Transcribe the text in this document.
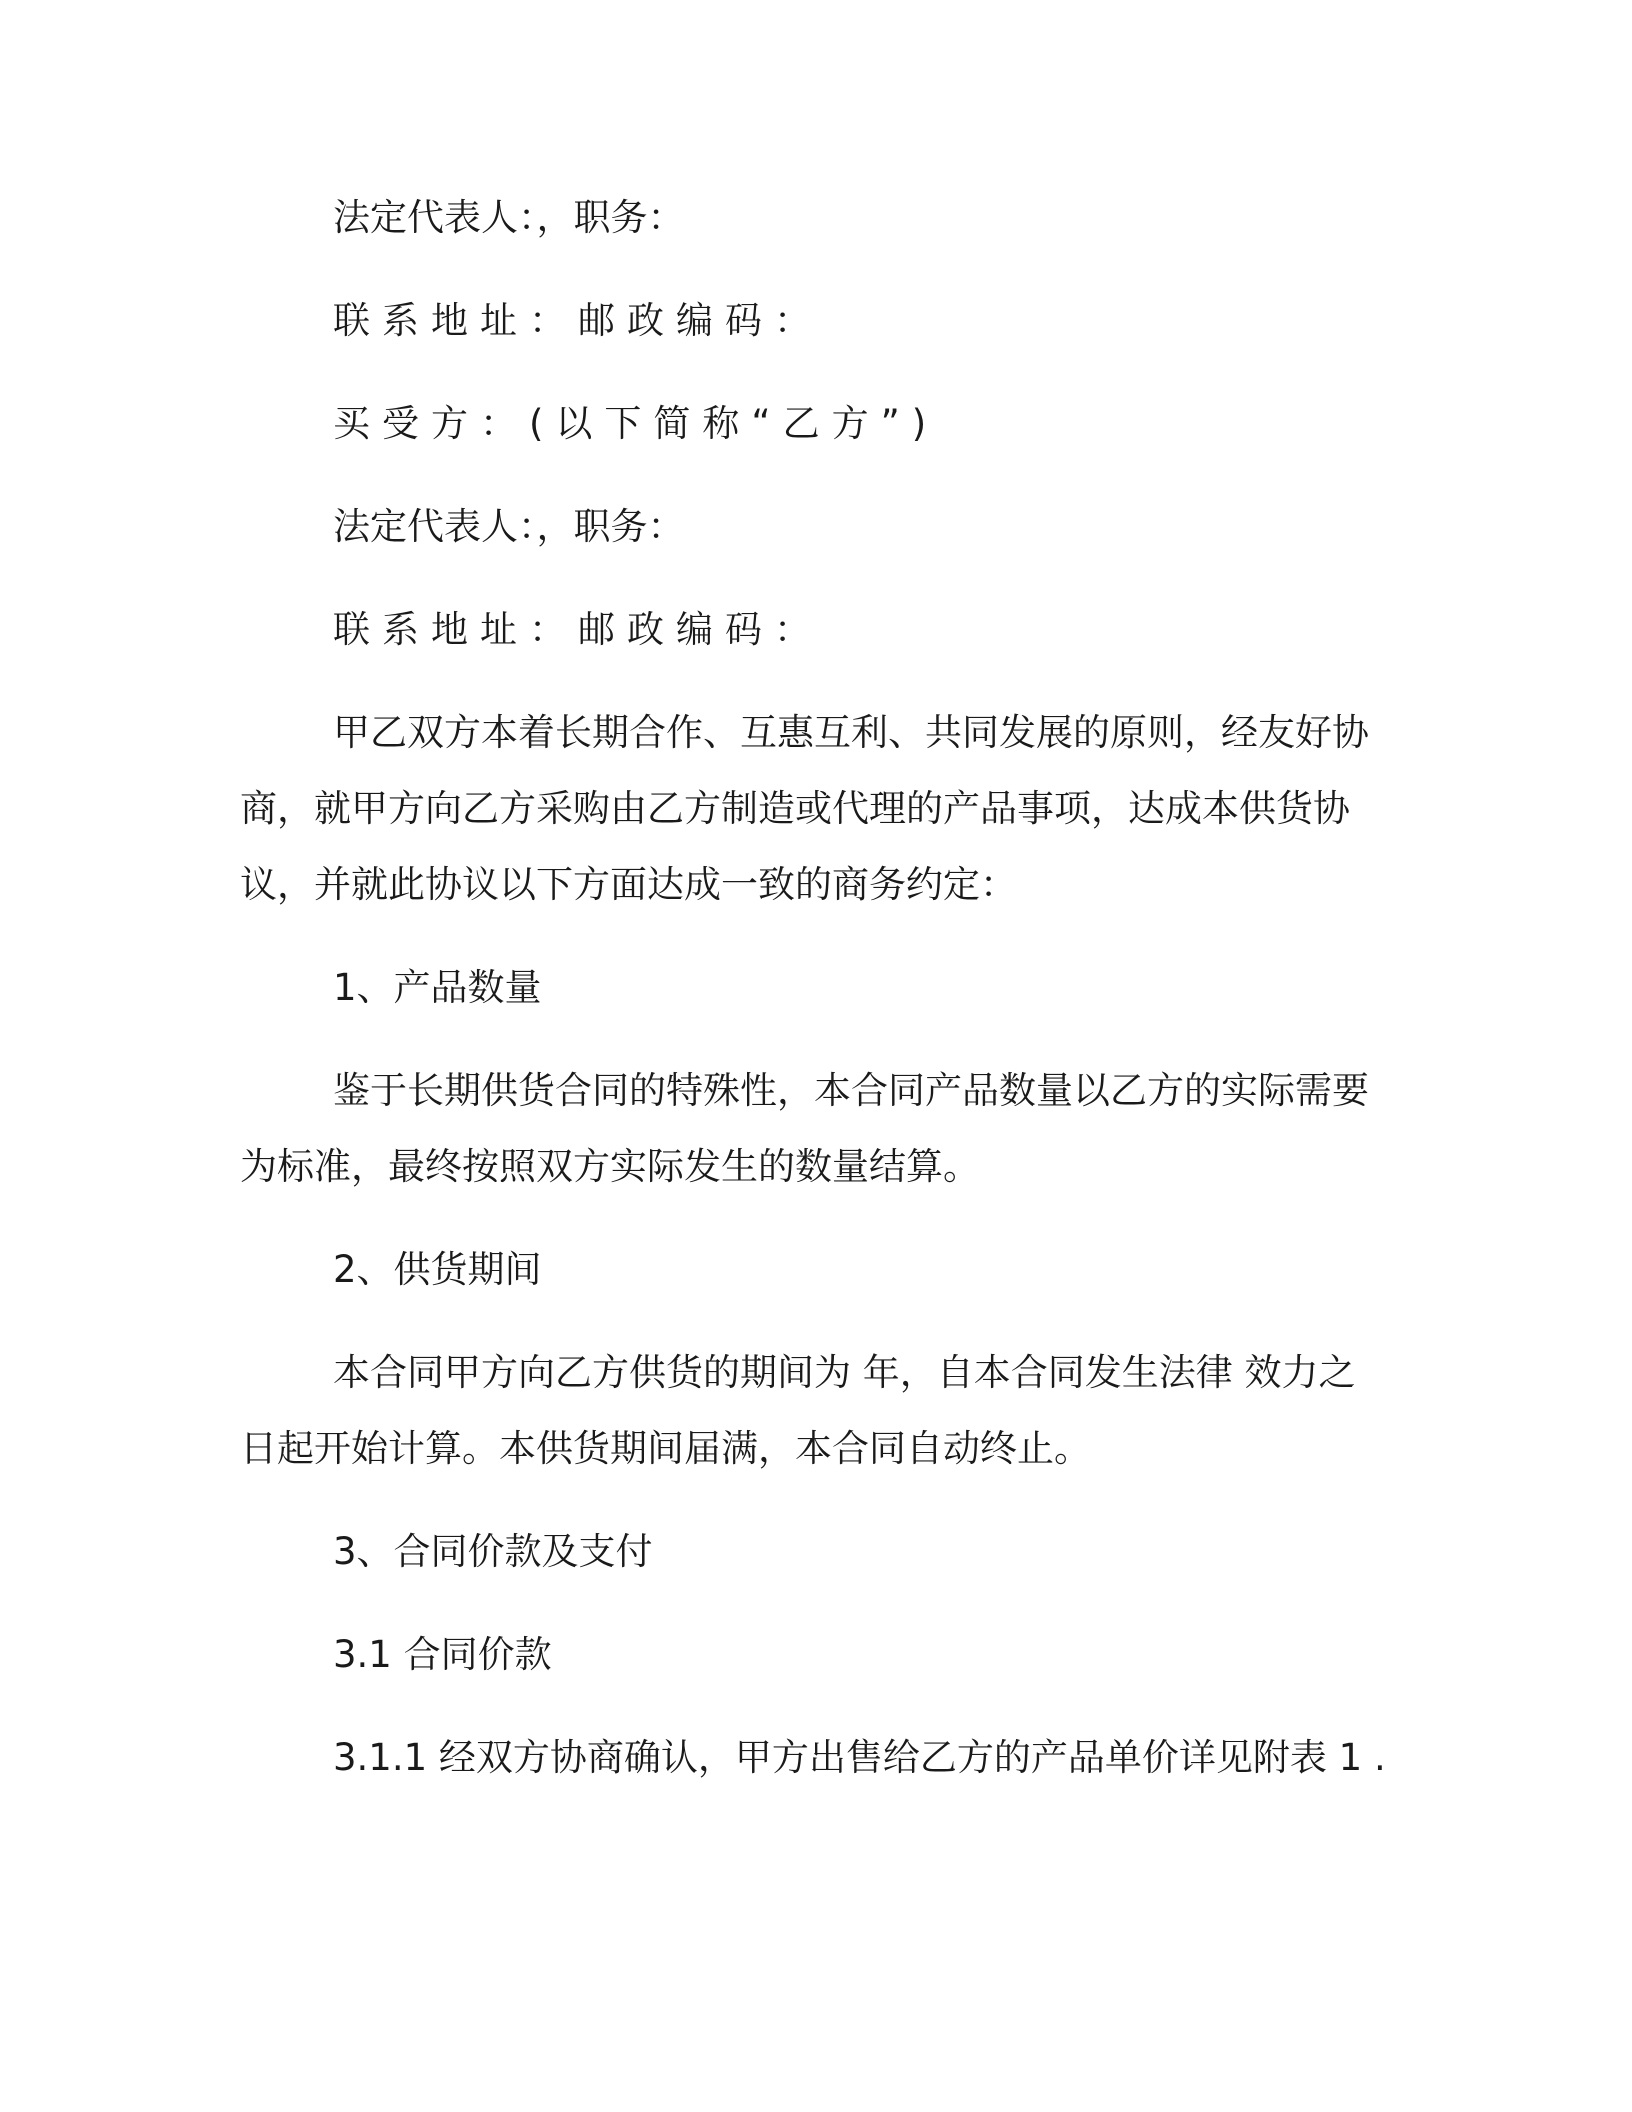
法定代表人：，职务：
联系地址：邮政编码：
买受方：(以下简称“乙方”)
法定代表人：，职务：
联系地址：邮政编码：
甲乙双方本着长期合作、互惠互利、共同发展的原则，经友好协
商，就甲方向乙方采购由乙方制造或代理的产品事项，达成本供货协
议，并就此协议以下方面达成一致的商务约定：
1、产品数量
鉴于长期供货合同的特殊性，本合同产品数量以乙方的实际需要
为标准，最终按照双方实际发生的数量结算。
2、供货期间
本合同甲方向乙方供货的期间为 年，自本合同发生法律 效力之
日起开始计算。本供货期间届满，本合同自动终止。
3、合同价款及支付
3.1 合同价款
3.1.1 经双方协商确认，甲方出售给乙方的产品单价详见附表 1 .
